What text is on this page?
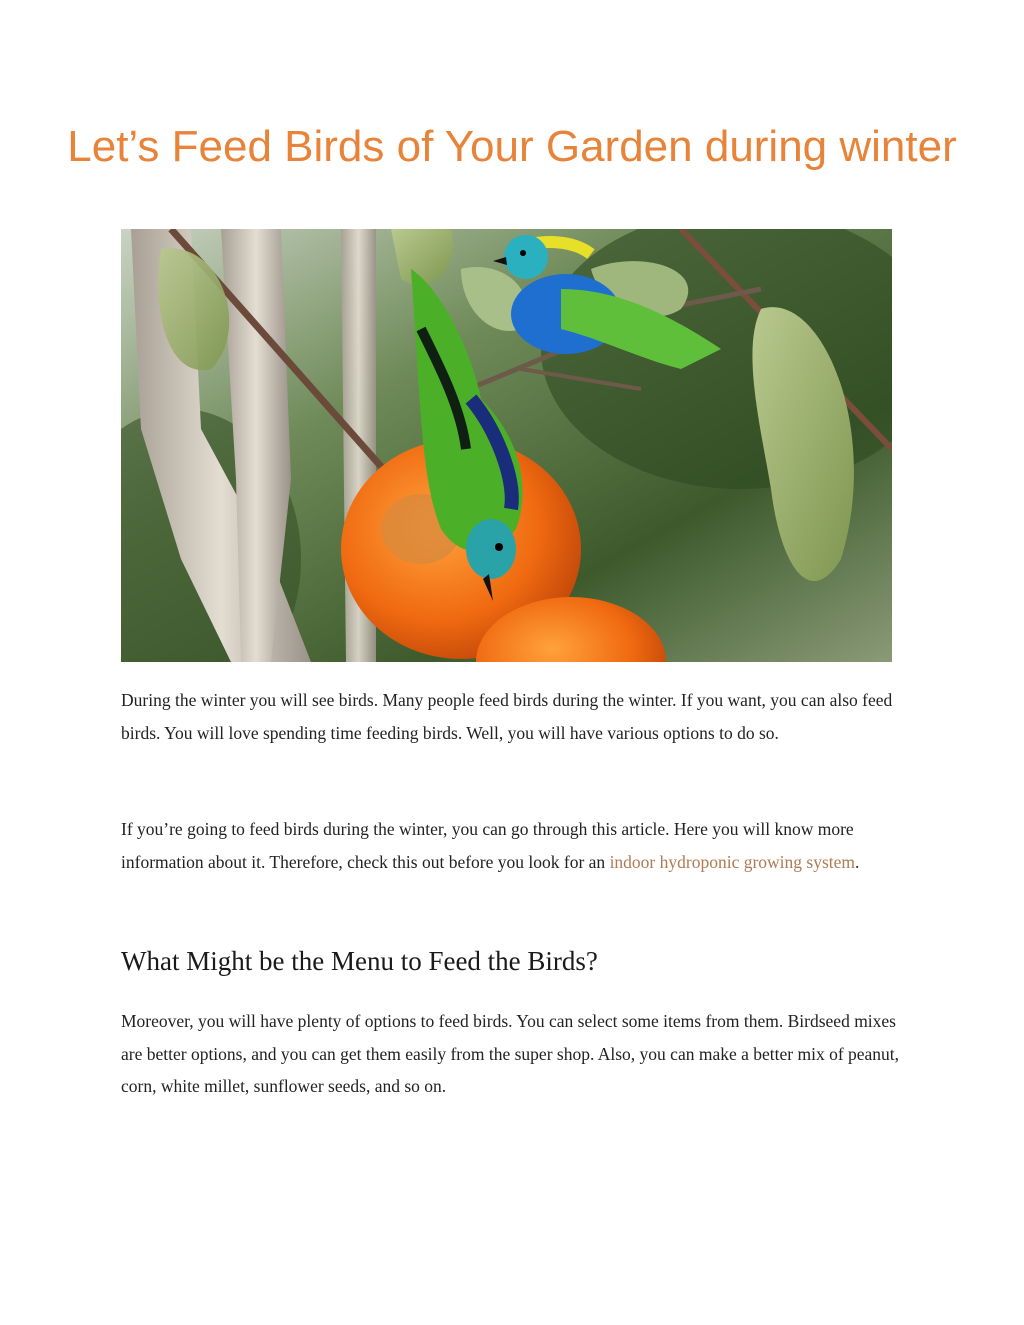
Let’s Feed Birds of Your Garden during winter

During the winter you will see birds. Many people feed birds during the winter. If you want, you can also feed birds. You will love spending time feeding birds. Well, you will have various options to do so.

If you’re going to feed birds during the winter, you can go through this article. Here you will know more information about it. Therefore, check this out before you look for an indoor hydroponic growing system.

What Might be the Menu to Feed the Birds?

Moreover, you will have plenty of options to feed birds. You can select some items from them. Birdseed mixes are better options, and you can get them easily from the super shop. Also, you can make a better mix of peanut, corn, white millet, sunflower seeds, and so on.
